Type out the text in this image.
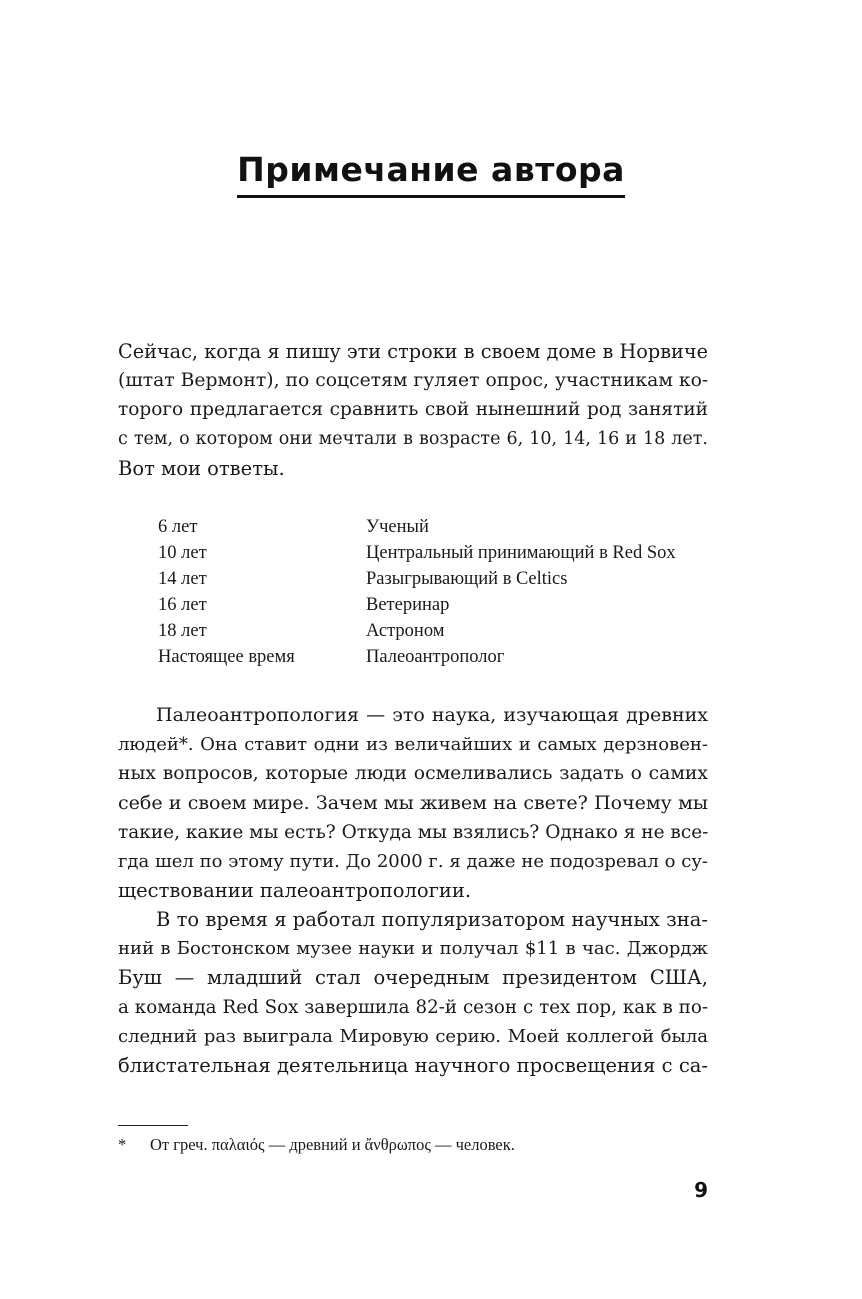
Примечание автора
Сейчас, когда я пишу эти строки в своем доме в Норвиче
(штат Вермонт), по соцсетям гуляет опрос, участникам ко-
торого предлагается сравнить свой нынешний род занятий
с тем, о котором они мечтали в возрасте 6, 10, 14, 16 и 18 лет.
Вот мои ответы.
6 лет	Ученый
10 лет	Центральный принимающий в Red Sox
14 лет	Разыгрывающий в Celtics
16 лет	Ветеринар
18 лет	Астроном
Настоящее время	Палеоантрополог
Палеоантропология — это наука, изучающая древних
людей*. Она ставит одни из величайших и самых дерзновен-
ных вопросов, которые люди осмеливались задать о самих
себе и своем мире. Зачем мы живем на свете? Почему мы
такие, какие мы есть? Откуда мы взялись? Однако я не все-
гда шел по этому пути. До 2000 г. я даже не подозревал о су-
ществовании палеоантропологии.
В то время я работал популяризатором научных зна-
ний в Бостонском музее науки и получал $11 в час. Джордж
Буш — младший стал очередным президентом США,
а команда Red Sox завершила 82-й сезон с тех пор, как в по-
следний раз выиграла Мировую серию. Моей коллегой была
блистательная деятельница научного просвещения с са-
* От греч. παλαιός — древний и ἄνθρωπος — человек.
9
